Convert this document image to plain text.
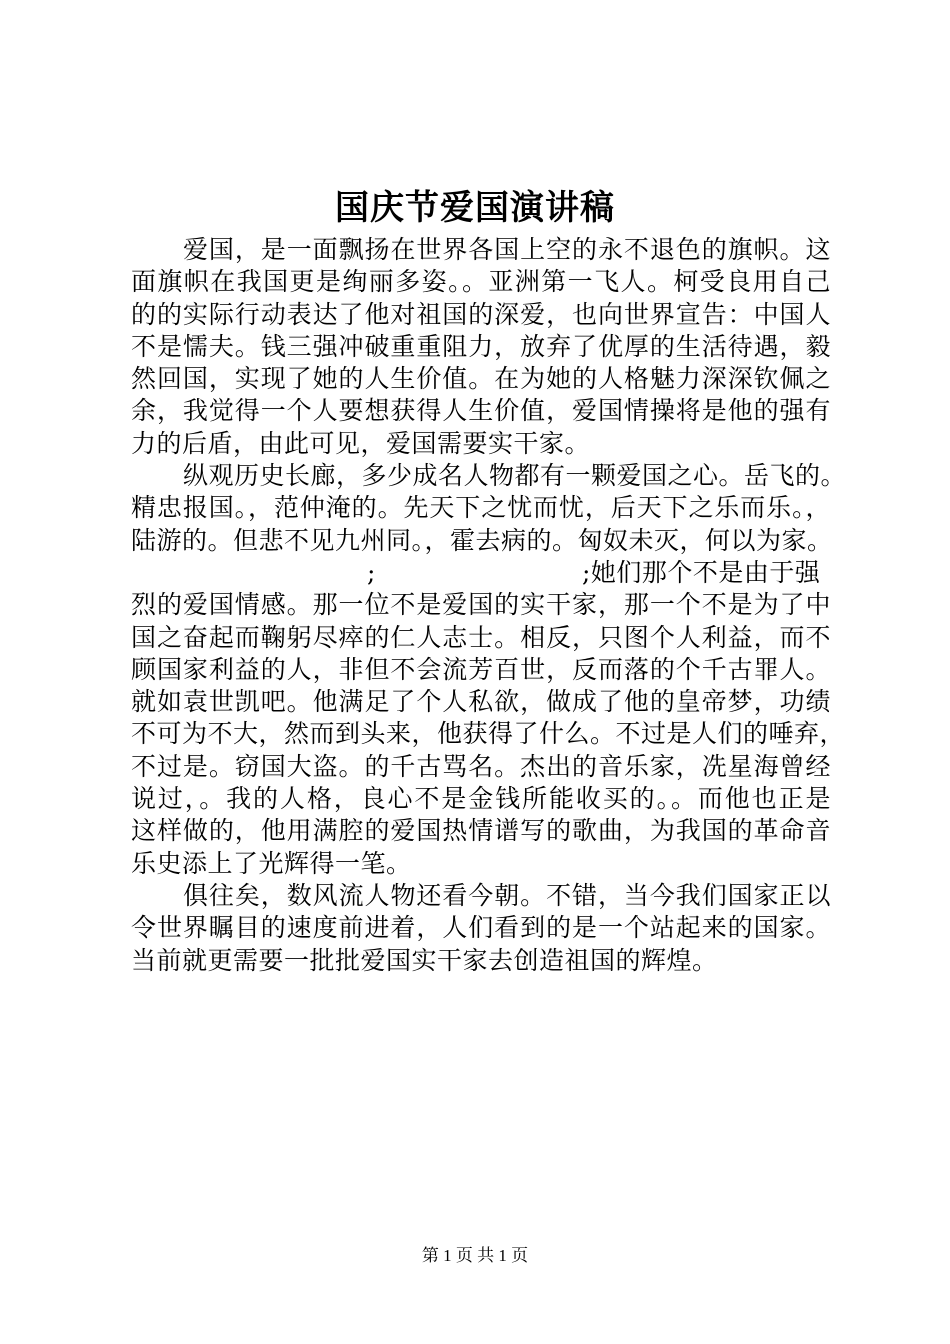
国庆节爱国演讲稿
爱国，是一面飘扬在世界各国上空的永不退色的旗帜。这
面旗帜在我国更是绚丽多姿。。亚洲第一飞人。柯受良用自己
的的实际行动表达了他对祖国的深爱，也向世界宣告：中国人
不是懦夫。钱三强冲破重重阻力，放弃了优厚的生活待遇，毅
然回国，实现了她的人生价值。在为她的人格魅力深深钦佩之
余，我觉得一个人要想获得人生价值，爱国情操将是他的强有
力的后盾，由此可见，爱国需要实干家。
纵观历史长廊，多少成名人物都有一颗爱国之心。岳飞的。
精忠报国。，范仲淹的。先天下之忧而忧，后天下之乐而乐。，
陆游的。但悲不见九州同。，霍去病的。匈奴未灭，何以为家。
;	;她们那个不是由于强
烈的爱国情感。那一位不是爱国的实干家，那一个不是为了中
国之奋起而鞠躬尽瘁的仁人志士。相反，只图个人利益，而不
顾国家利益的人，非但不会流芳百世，反而落的个千古罪人。
就如袁世凯吧。他满足了个人私欲，做成了他的皇帝梦，功绩
不可为不大，然而到头来，他获得了什么。不过是人们的唾弃，
不过是。窃国大盗。的千古骂名。杰出的音乐家，冼星海曾经
说过，。我的人格，良心不是金钱所能收买的。。而他也正是
这样做的，他用满腔的爱国热情谱写的歌曲，为我国的革命音
乐史添上了光辉得一笔。
俱往矣，数风流人物还看今朝。不错，当今我们国家正以
令世界瞩目的速度前进着，人们看到的是一个站起来的国家。
当前就更需要一批批爱国实干家去创造祖国的辉煌。
第 1 页 共 1 页
